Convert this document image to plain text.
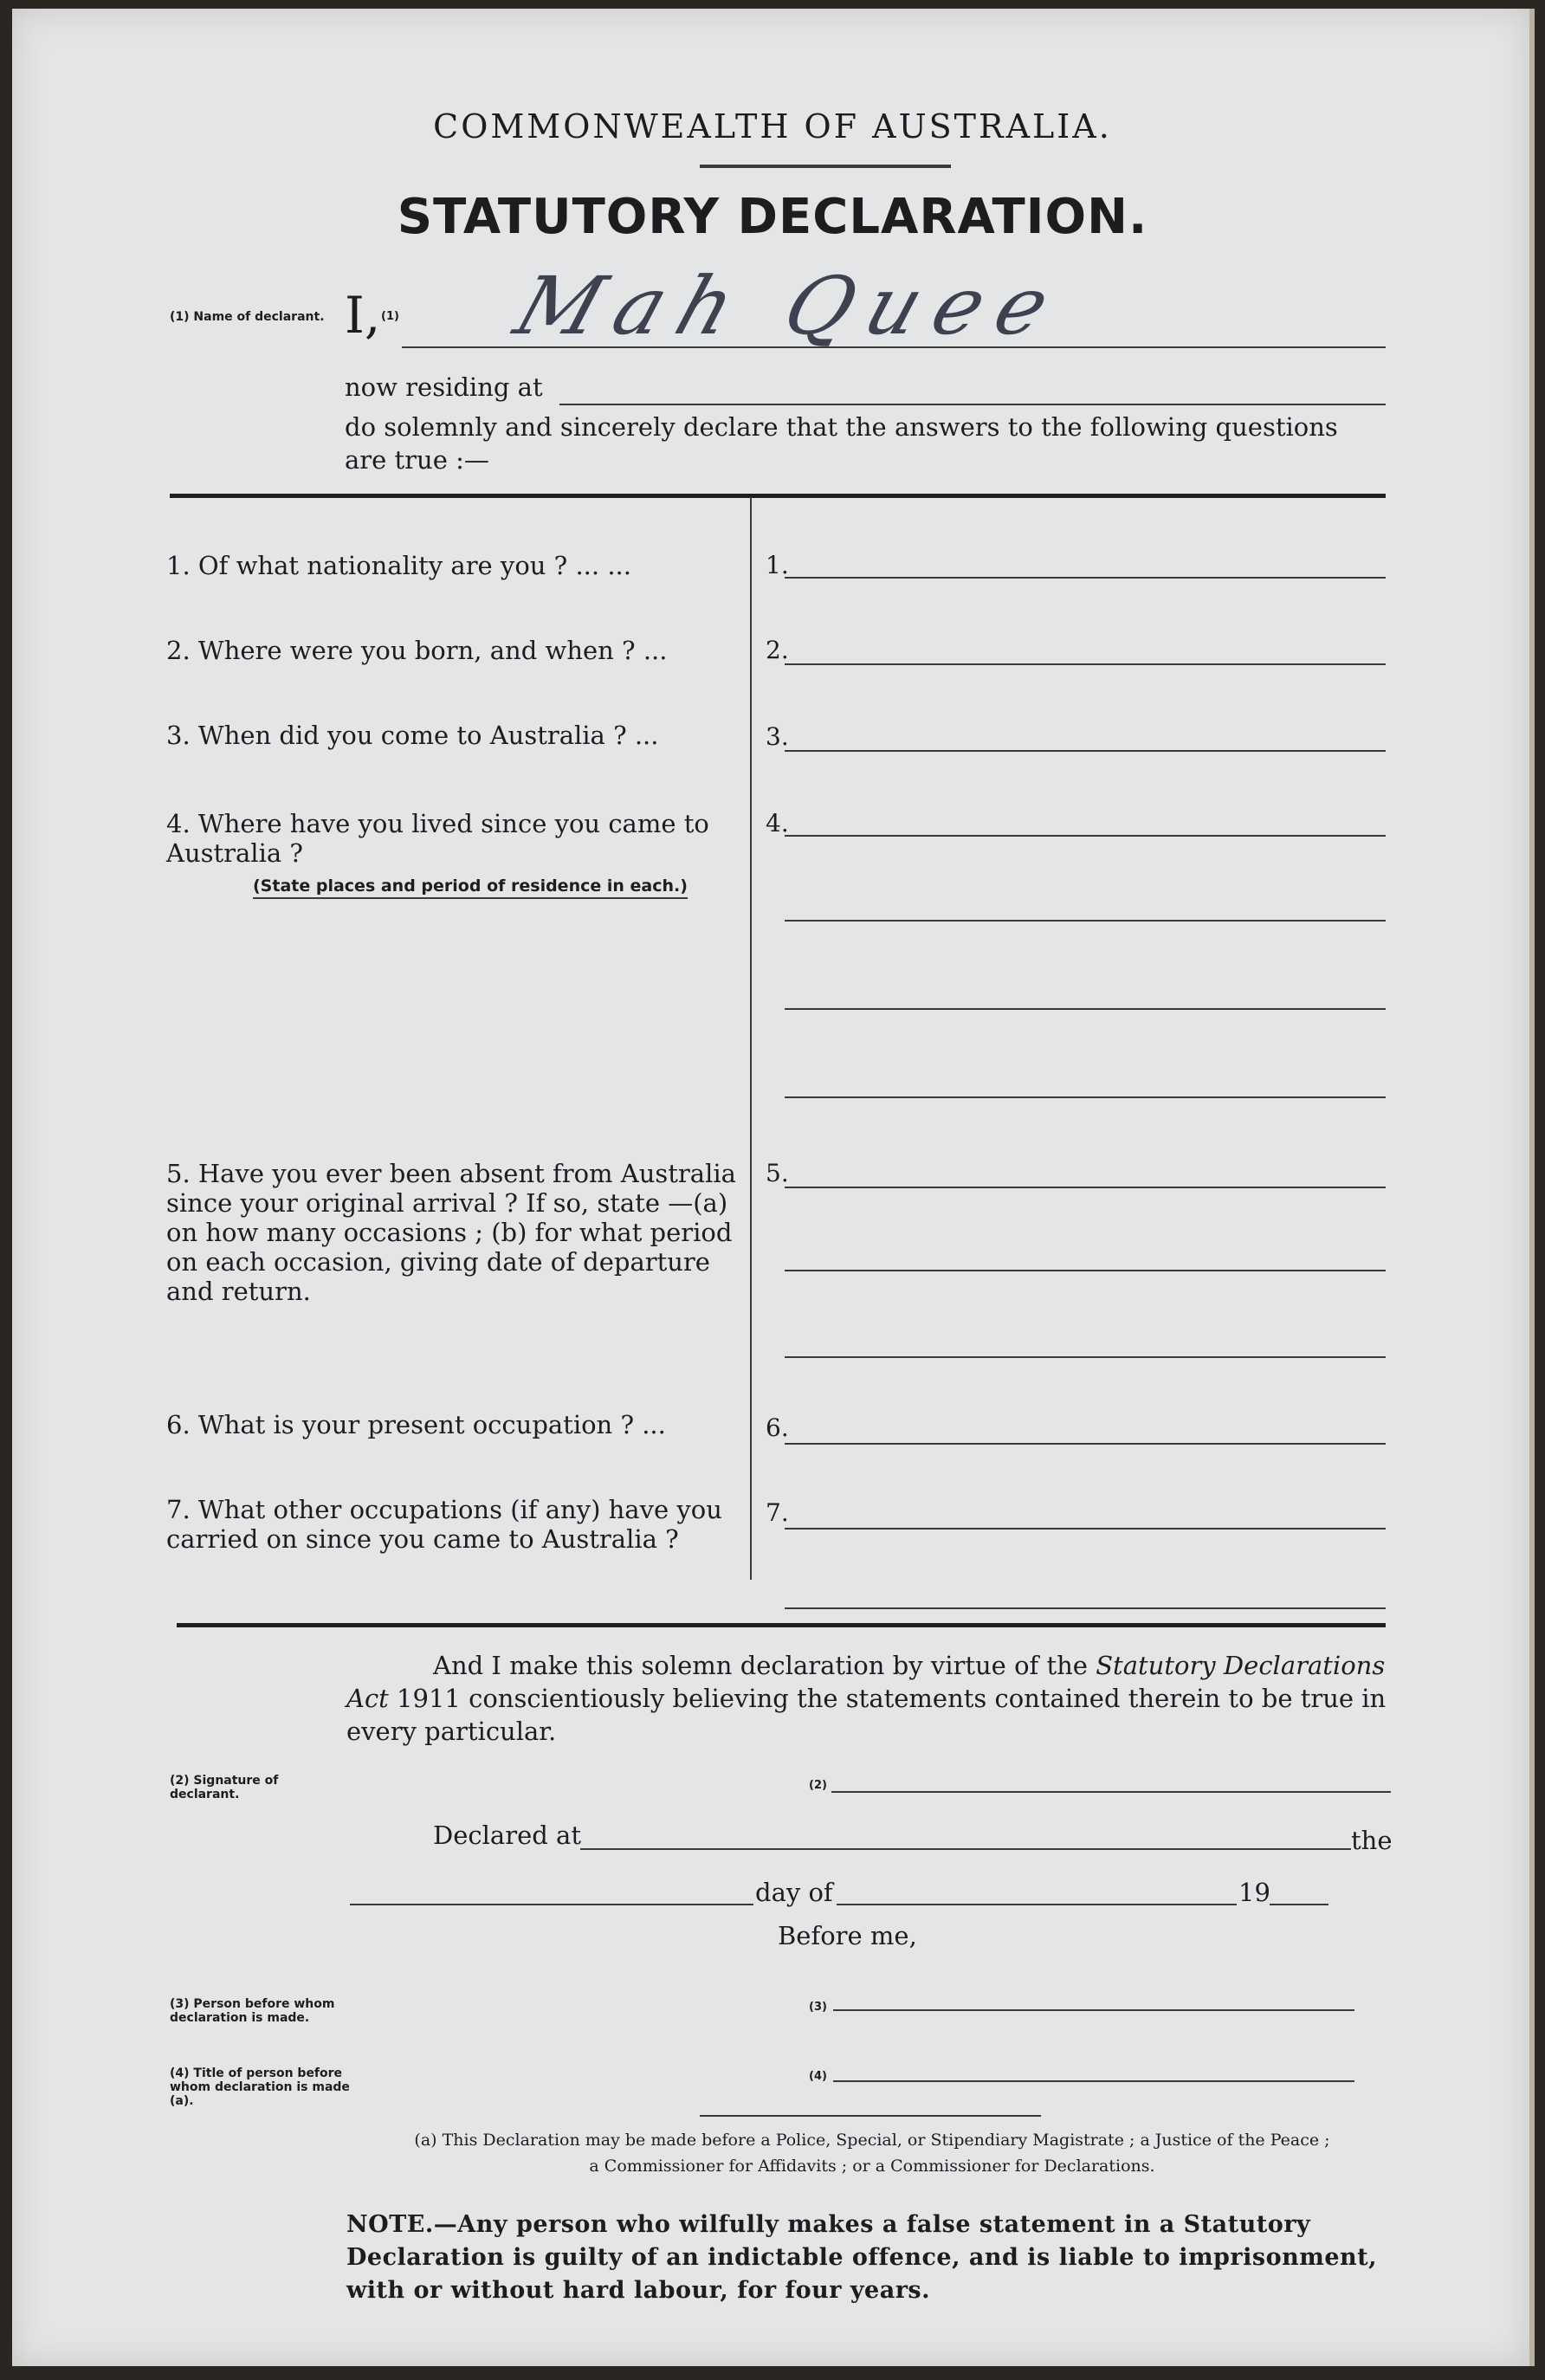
COMMONWEALTH OF AUSTRALIA.
STATUTORY DECLARATION.
(1) Name of declarant. I, (1) Mah Quee
now residing at
do solemnly and sincerely declare that the answers to the following questions are true :—
1. Of what nationality are you ? ... ...	1.
2. Where were you born, and when ? ...	2.
3. When did you come to Australia ? ...	3.
4. Where have you lived since you came to Australia ?
(State places and period of residence in each.)
4.
5. Have you ever been absent from Australia since your original arrival ? If so, state —(a) on how many occasions ; (b) for what period on each occasion, giving date of departure and return.
5.
6. What is your present occupation ? ...	6.
7. What other occupations (if any) have you carried on since you came to Australia ?
7.
And I make this solemn declaration by virtue of the Statutory Declarations Act 1911 conscientiously believing the statements contained therein to be true in every particular.
(2) Signature of declarant.
(2)
Declared at	the
day of	19
Before me,
(3) Person before whom declaration is made.
(3)
(4) Title of person before whom declaration is made (a).
(4)
(a) This Declaration may be made before a Police, Special, or Stipendiary Magistrate ; a Justice of the Peace ;
a Commissioner for Affidavits ; or a Commissioner for Declarations.
NOTE.—Any person who wilfully makes a false statement in a Statutory Declaration is guilty of an indictable offence, and is liable to imprisonment, with or without hard labour, for four years.
